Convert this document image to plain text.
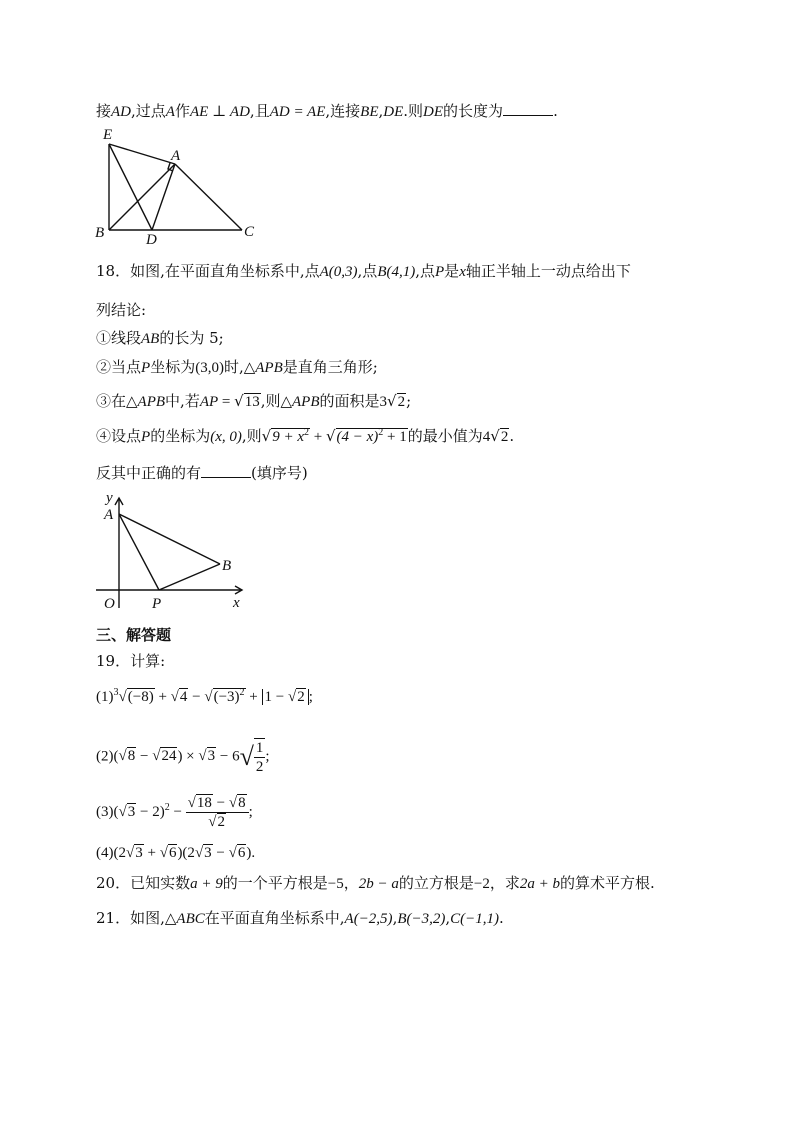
接AD,过点A作AE ⊥ AD,且AD = AE,连接BE,DE.则DE的长度为	.
E
A
B	D	C
18．如图,在平面直角坐标系中,点A(0,3),点B(4,1),点P是x轴正半轴上一动点给出下
列结论:
①线段AB的长为 5;
②当点P坐标为(3,0)时,△APB是直角三角形;
③在△APB中,若AP = √13,则△APB的面积是3√2;
④设点P的坐标为(x, 0),则$√9 + x^2 + √(4 - x)^2 + 1$的最小值为4√2.
反其中正确的有	(填序号)
y
A
B
O P	x
三、解答题
19．计算:
$(1)^3√(-8) + √4 - √(-3)^2 + 1 - √2$ ;
$(2)(√8 - √24) \times √3 - 6√ \frac{1}{2}$ ;
$(3)(√3 - 2)^2 - \frac{√18 - √8}{√2}$ ;
(4)(2√3 + √6)(2√3 − √6).
20．已知实数a + 9的一个平方根是−5，2b − a的立方根是−2，求2a + b的算术平方根.
21．如图,△ABC在平面直角坐标系中,A(−2,5),B(−3,2),C(−1,1).
